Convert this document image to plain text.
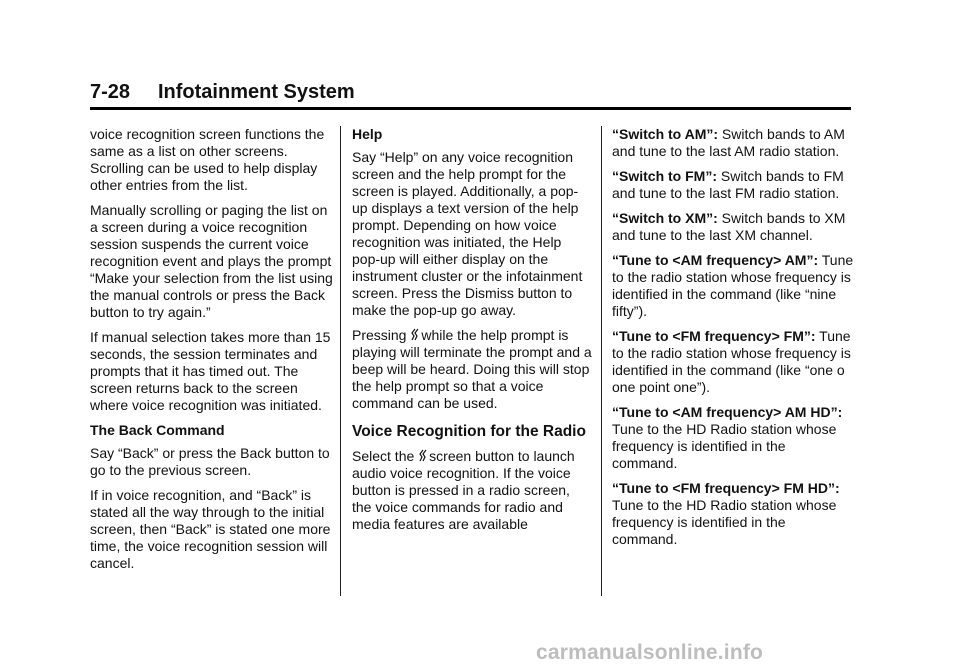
7-28 Infotainment System

voice recognition screen functions the same as a list on other screens. Scrolling can be used to help display other entries from the list.

Manually scrolling or paging the list on a screen during a voice recognition session suspends the current voice recognition event and plays the prompt “Make your selection from the list using the manual controls or press the Back button to try again.”

If manual selection takes more than 15 seconds, the session terminates and prompts that it has timed out. The screen returns back to the screen where voice recognition was initiated.

The Back Command

Say “Back” or press the Back button to go to the previous screen.

If in voice recognition, and “Back” is stated all the way through to the initial screen, then “Back” is stated one more time, the voice recognition session will cancel.

Help

Say “Help” on any voice recognition screen and the help prompt for the screen is played. Additionally, a pop-up displays a text version of the help prompt. Depending on how voice recognition was initiated, the Help pop-up will either display on the instrument cluster or the infotainment screen. Press the Dismiss button to make the pop-up go away.

Pressing while the help prompt is playing will terminate the prompt and a beep will be heard. Doing this will stop the help prompt so that a voice command can be used.

Voice Recognition for the Radio

Select the screen button to launch audio voice recognition. If the voice button is pressed in a radio screen, the voice commands for radio and media features are available

“Switch to AM”: Switch bands to AM and tune to the last AM radio station.

“Switch to FM”: Switch bands to FM and tune to the last FM radio station.

“Switch to XM”: Switch bands to XM and tune to the last XM channel.

“Tune to <AM frequency> AM”: Tune to the radio station whose frequency is identified in the command (like “nine fifty”).

“Tune to <FM frequency> FM”: Tune to the radio station whose frequency is identified in the command (like “one o one point one”).

“Tune to <AM frequency> AM HD”: Tune to the HD Radio station whose frequency is identified in the command.

“Tune to <FM frequency> FM HD”: Tune to the HD Radio station whose frequency is identified in the command.

carmanualsonline.info
